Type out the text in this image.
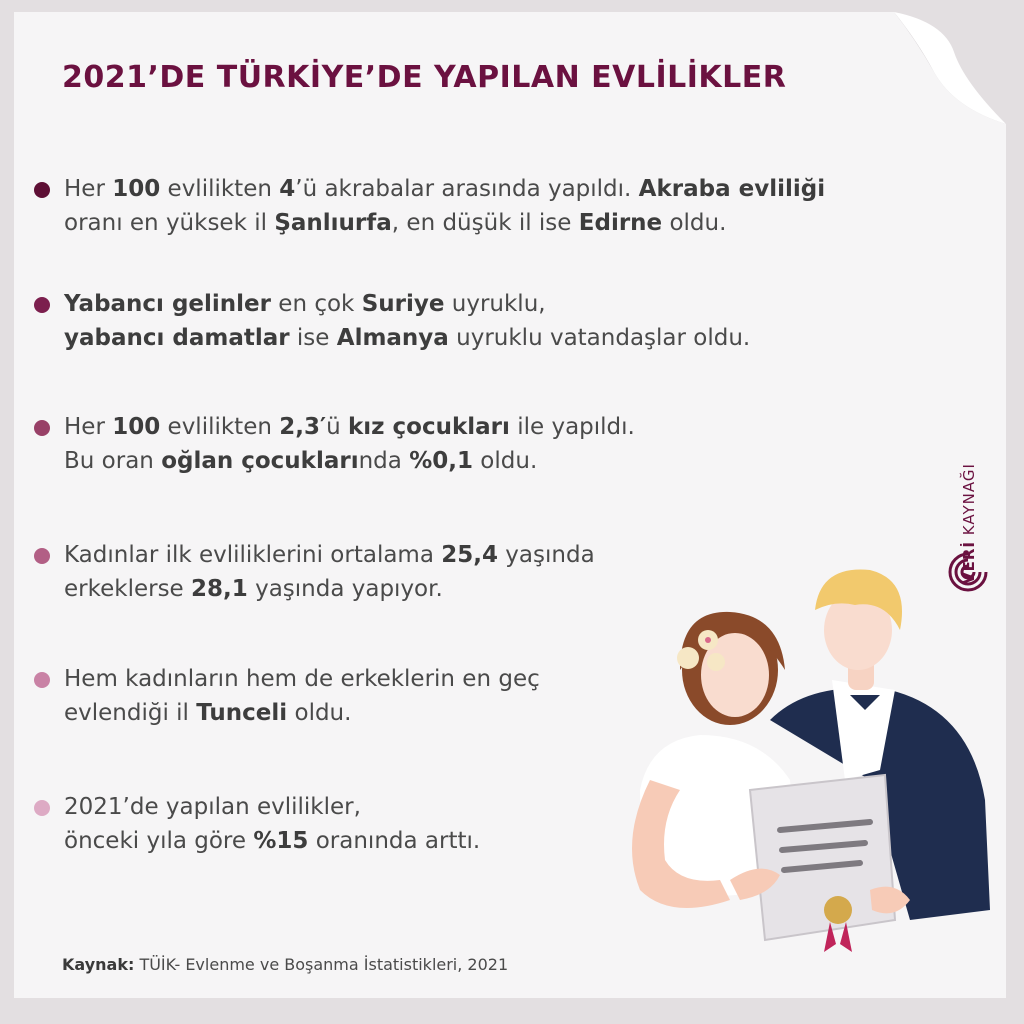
2021’DE TÜRKİYE’DE YAPILAN EVLİLİKLER
Her 100 evlilikten 4’ü akrabalar arasında yapıldı. Akraba evliliği
oranı en yüksek il Şanlıurfa, en düşük il ise Edirne oldu.
Yabancı gelinler en çok Suriye uyruklu,
yabancı damatlar ise Almanya uyruklu vatandaşlar oldu.
Her 100 evlilikten 2,3′ü kız çocukları ile yapıldı.
Bu oran oğlan çocuklarında %0,1 oldu.
Kadınlar ilk evliliklerini ortalama 25,4 yaşında
erkeklerse 28,1 yaşında yapıyor.
Hem kadınların hem de erkeklerin en geç
evlendiği il Tunceli oldu.
2021’de yapılan evlilikler,
önceki yıla göre %15 oranında arttı.
Kaynak: TÜİK- Evlenme ve Boşanma İstatistikleri, 2021
VERİ KAYNAĞI
